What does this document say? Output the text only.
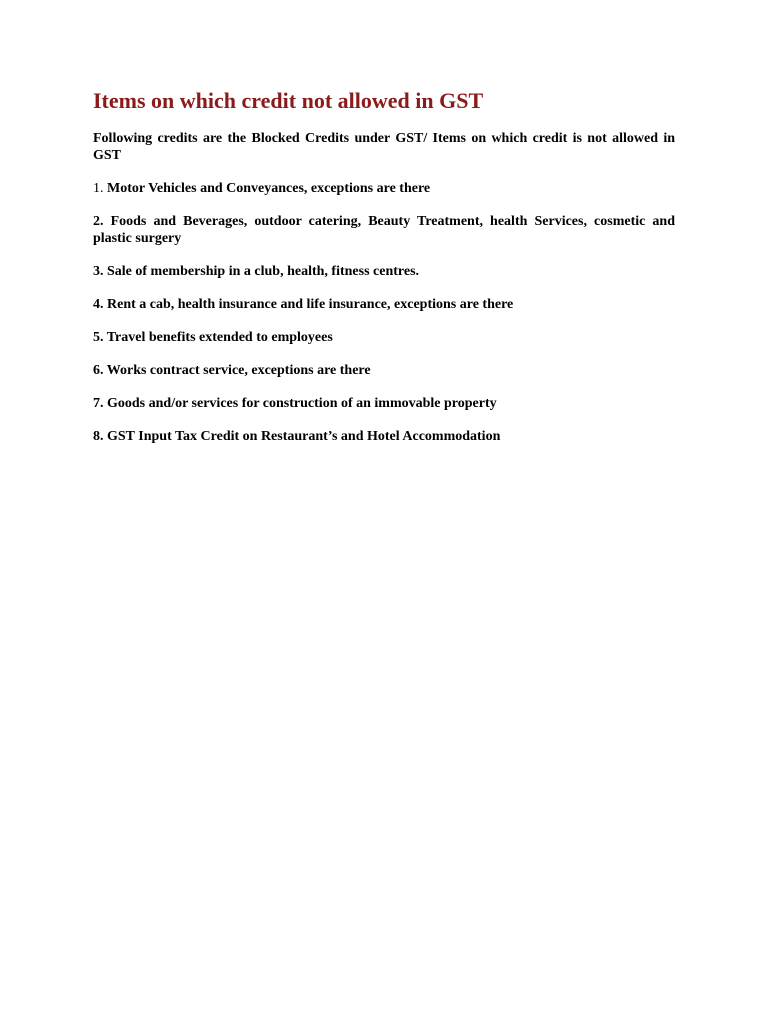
Items on which credit not allowed in GST

Following credits are the Blocked Credits under GST/ Items on which credit is not allowed in GST

1. Motor Vehicles and Conveyances, exceptions are there
2. Foods and Beverages, outdoor catering, Beauty Treatment, health Services, cosmetic and plastic surgery
3. Sale of membership in a club, health, fitness centres.
4. Rent a cab, health insurance and life insurance, exceptions are there
5. Travel benefits extended to employees
6. Works contract service, exceptions are there
7. Goods and/or services for construction of an immovable property
8. GST Input Tax Credit on Restaurant’s and Hotel Accommodation
